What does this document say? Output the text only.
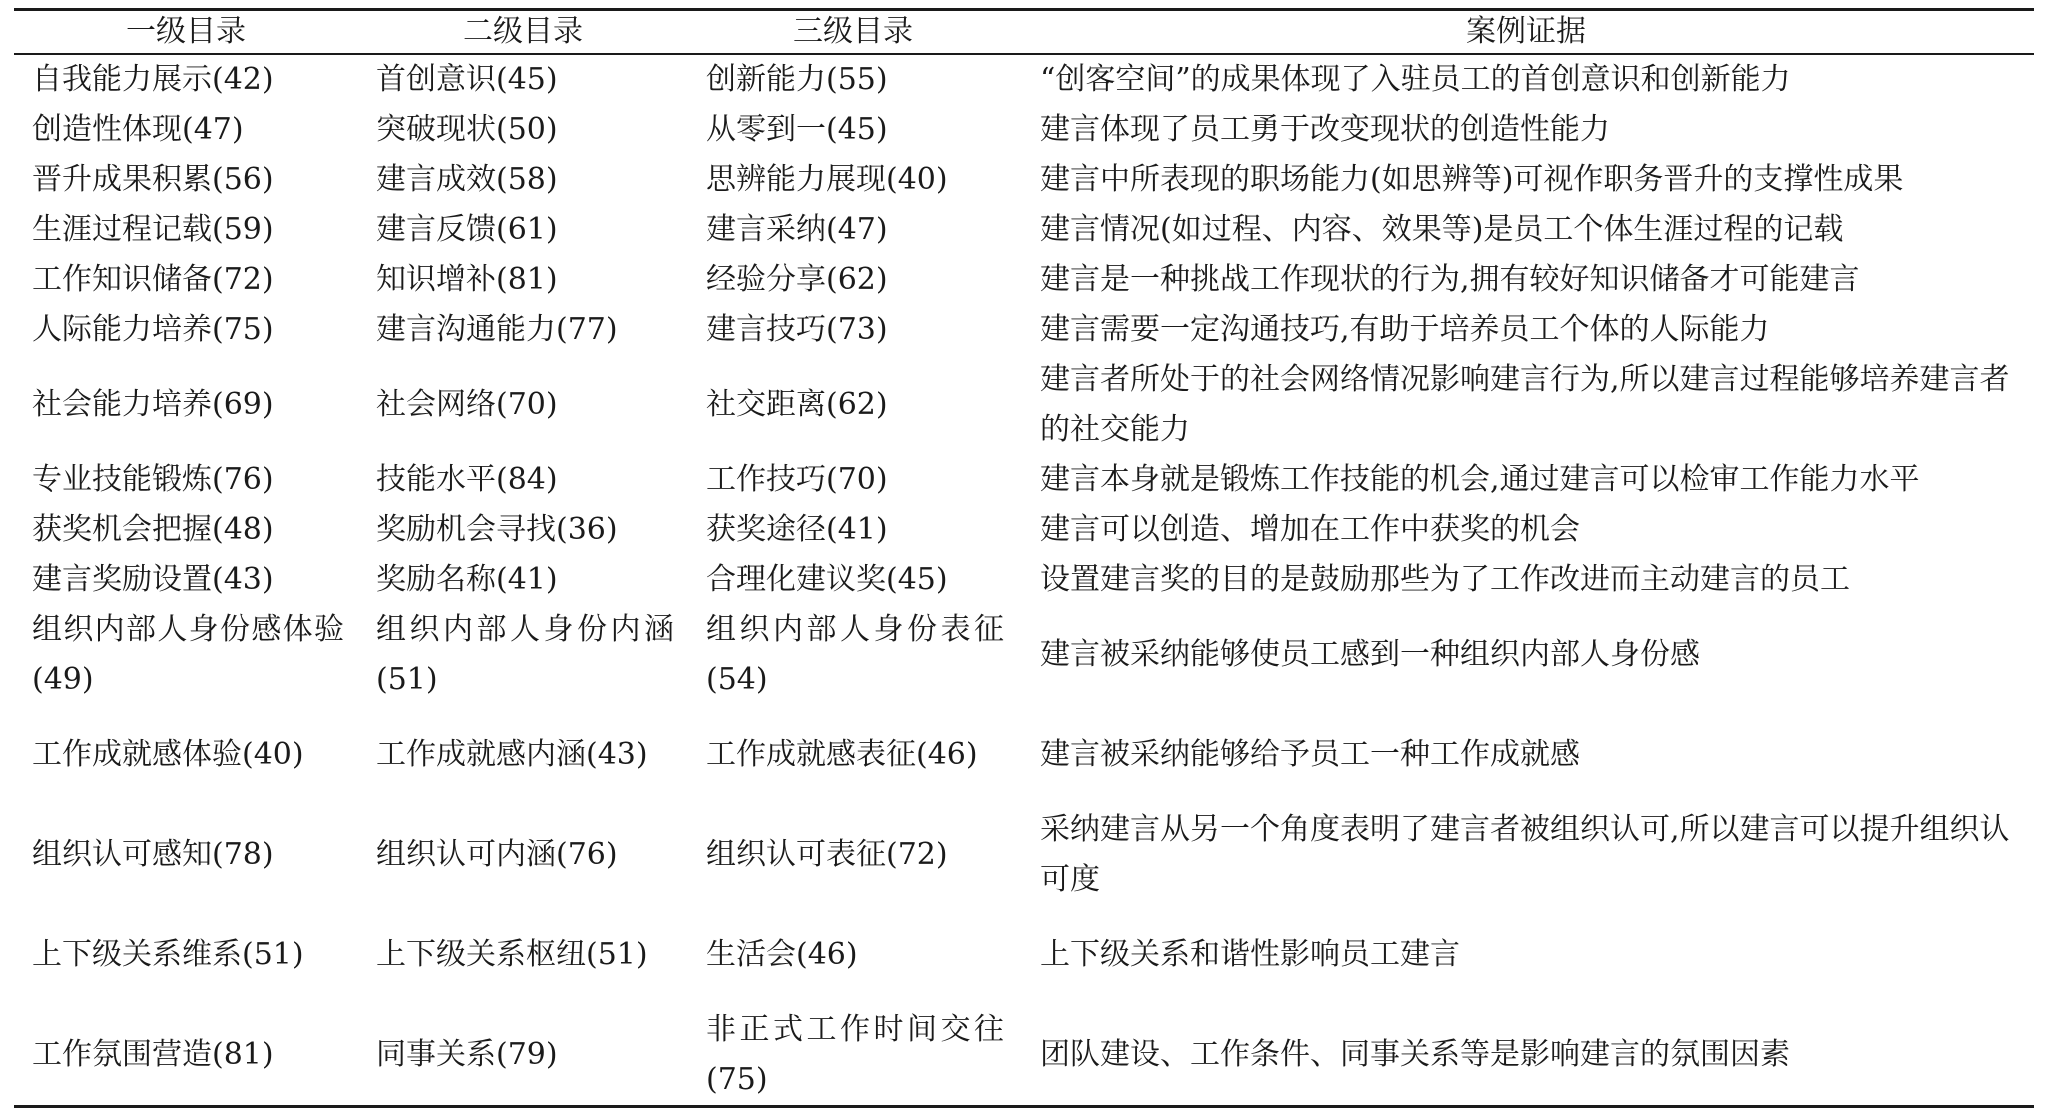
一级目录	二级目录	三级目录	案例证据
自我能力展示(42)	首创意识(45)	创新能力(55)	“创客空间”的成果体现了入驻员工的首创意识和创新能力
创造性体现(47)	突破现状(50)	从零到一(45)	建言体现了员工勇于改变现状的创造性能力
晋升成果积累(56)	建言成效(58)	思辨能力展现(40)	建言中所表现的职场能力(如思辨等)可视作职务晋升的支撑性成果
生涯过程记载(59)	建言反馈(61)	建言采纳(47)	建言情况(如过程、内容、效果等)是员工个体生涯过程的记载
工作知识储备(72)	知识增补(81)	经验分享(62)	建言是一种挑战工作现状的行为,拥有较好知识储备才可能建言
人际能力培养(75)	建言沟通能力(77)	建言技巧(73)	建言需要一定沟通技巧,有助于培养员工个体的人际能力
社会能力培养(69)	社会网络(70)	社交距离(62)	建言者所处于的社会网络情况影响建言行为,所以建言过程能够培养建言者的社交能力
专业技能锻炼(76)	技能水平(84)	工作技巧(70)	建言本身就是锻炼工作技能的机会,通过建言可以检审工作能力水平
获奖机会把握(48)	奖励机会寻找(36)	获奖途径(41)	建言可以创造、增加在工作中获奖的机会
建言奖励设置(43)	奖励名称(41)	合理化建议奖(45)	设置建言奖的目的是鼓励那些为了工作改进而主动建言的员工
组织内部人身份感体验(49)	组织内部人身份内涵(51)	组织内部人身份表征(54)	建言被采纳能够使员工感到一种组织内部人身份感
工作成就感体验(40)	工作成就感内涵(43)	工作成就感表征(46)	建言被采纳能够给予员工一种工作成就感
组织认可感知(78)	组织认可内涵(76)	组织认可表征(72)	采纳建言从另一个角度表明了建言者被组织认可,所以建言可以提升组织认可度
上下级关系维系(51)	上下级关系枢纽(51)	生活会(46)	上下级关系和谐性影响员工建言
工作氛围营造(81)	同事关系(79)	非正式工作时间交往(75)	团队建设、工作条件、同事关系等是影响建言的氛围因素
